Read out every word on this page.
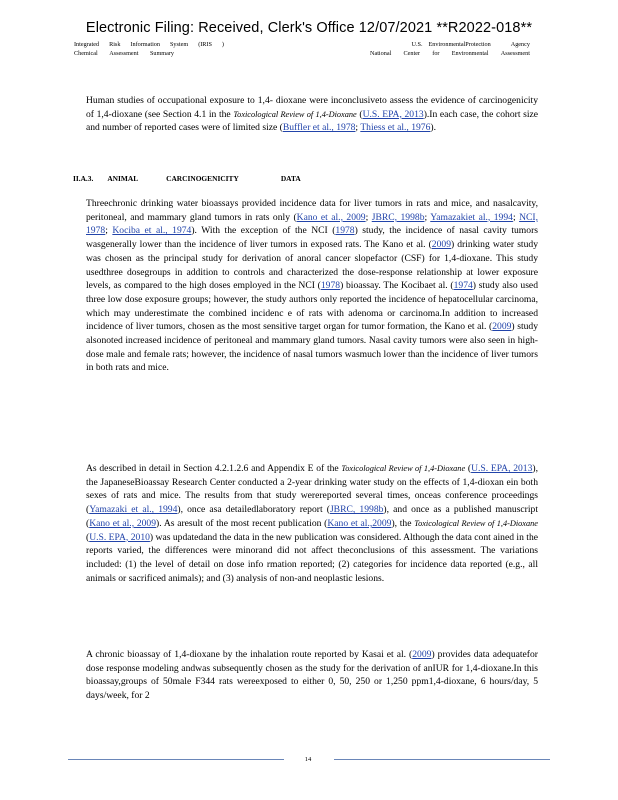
Electronic Filing: Received, Clerk's Office 12/07/2021 **R2022-018**
Integrated Risk Information System (IRIS )
Chemical Assessment Summary
U.S. EnvironmentalProtection	Agency
National Center for Environmental Assessment

Human studies of occupational exposure to 1,4- dioxane were inconclusiveto assess the evidence of carcinogenicity of 1,4-dioxane (see Section 4.1 in the Toxicological Review of 1,4-Dioxane (U.S. EPA, 2013).In each case, the cohort size and number of reported cases were of limited size (Buffler et al., 1978; Thiess et al., 1976).

II.A.3. ANIMAL	CARCINOGENICITY	DATA

Threechronic drinking water bioassays provided incidence data for liver tumors in rats and mice, and nasalcavity, peritoneal, and mammary gland tumors in rats only (Kano et al., 2009; JBRC, 1998b; Yamazakiet al., 1994; NCI, 1978; Kociba et al., 1974). With the exception of the NCI (1978) study, the incidence of nasal cavity tumors wasgenerally lower than the incidence of liver tumors in exposed rats. The Kano et al. (2009) drinking water study was chosen as the principal study for derivation of anoral cancer slopefactor (CSF) for 1,4-dioxane. This study usedthree dosegroups in addition to controls and characterized the dose-response relationship at lower exposure levels, as compared to the high doses employed in the NCI (1978) bioassay. The Kocibaet al. (1974) study also used three low dose exposure groups; however, the study authors only reported the incidence of hepatocellular carcinoma, which may underestimate the combined incidenc e of rats with adenoma or carcinoma.In addition to increased incidence of liver tumors, chosen as the most sensitive target organ for tumor formation, the Kano et al. (2009) study alsonoted increased incidence of peritoneal and mammary gland tumors. Nasal cavity tumors were also seen in high-dose male and female rats; however, the incidence of nasal tumors wasmuch lower than the incidence of liver tumors in both rats and mice.

As described in detail in Section 4.2.1.2.6 and Appendix E of the Toxicological Review of 1,4-Dioxane (U.S. EPA, 2013), the JapaneseBioassay Research Center conducted a 2-year drinking water study on the effects of 1,4-dioxan ein both sexes of rats and mice. The results from that study werereported several times, onceas conference proceedings (Yamazaki et al., 1994), once asa detailedlaboratory report (JBRC, 1998b), and once as a published manuscript (Kano et al., 2009). As aresult of the most recent publication (Kano et al.,2009), the Toxicological Review of 1,4-Dioxane (U.S. EPA, 2010) was updatedand the data in the new publication was considered. Although the data cont ained in the reports varied, the differences were minorand did not affect theconclusions of this assessment. The variations included: (1) the level of detail on dose info rmation reported; (2) categories for incidence data reported (e.g., all animals or sacrificed animals); and (3) analysis of non-and neoplastic lesions.

A chronic bioassay of 1,4-dioxane by the inhalation route reported by Kasai et al. (2009) provides data adequatefor dose response modeling andwas subsequently chosen as the study for the derivation of anIUR for 1,4-dioxane.In this bioassay,groups of 50male F344 rats wereexposed to either 0, 50, 250 or 1,250 ppm1,4-dioxane, 6 hours/day, 5 days/week, for 2

14
